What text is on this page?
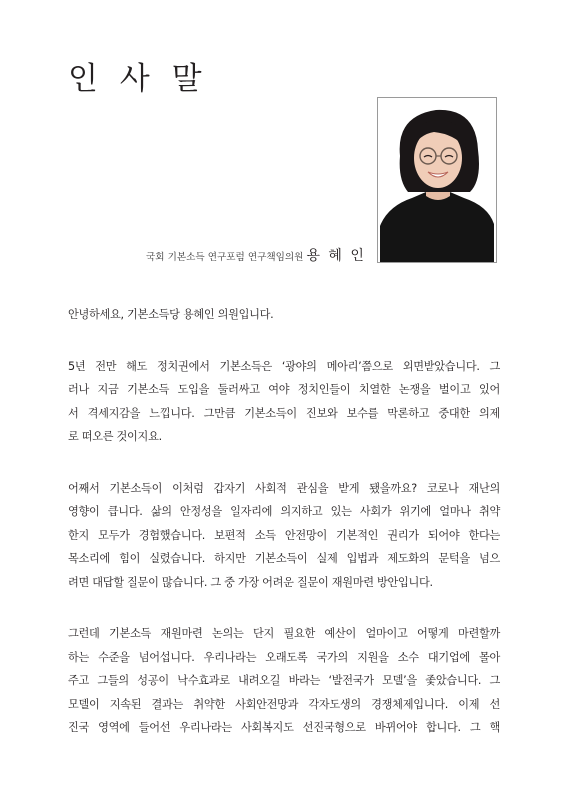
인 사 말
국회 기본소득 연구포럼 연구책임의원 용 혜 인

안녕하세요, 기본소득당 용혜인 의원입니다.

5년 전만 해도 정치권에서 기본소득은 ‘광야의 메아리’쯤으로 외면받았습니다. 그
러나 지금 기본소득 도입을 둘러싸고 여야 정치인들이 치열한 논쟁을 벌이고 있어
서 격세지감을 느낍니다. 그만큼 기본소득이 진보와 보수를 막론하고 중대한 의제
로 떠오른 것이지요.

어째서 기본소득이 이처럼 갑자기 사회적 관심을 받게 됐을까요? 코로나 재난의
영향이 큽니다. 삶의 안정성을 일자리에 의지하고 있는 사회가 위기에 얼마나 취약
한지 모두가 경험했습니다. 보편적 소득 안전망이 기본적인 권리가 되어야 한다는
목소리에 힘이 실렸습니다. 하지만 기본소득이 실제 입법과 제도화의 문턱을 넘으
려면 대답할 질문이 많습니다. 그 중 가장 어려운 질문이 재원마련 방안입니다.

그런데 기본소득 재원마련 논의는 단지 필요한 예산이 얼마이고 어떻게 마련할까
하는 수준을 넘어섭니다. 우리나라는 오래도록 국가의 지원을 소수 대기업에 몰아
주고 그들의 성공이 낙수효과로 내려오길 바라는 ‘발전국가 모델’을 좇았습니다. 그
모델이 지속된 결과는 취약한 사회안전망과 각자도생의 경쟁체제입니다. 이제 선
진국 영역에 들어선 우리나라는 사회복지도 선진국형으로 바뀌어야 합니다. 그 핵
